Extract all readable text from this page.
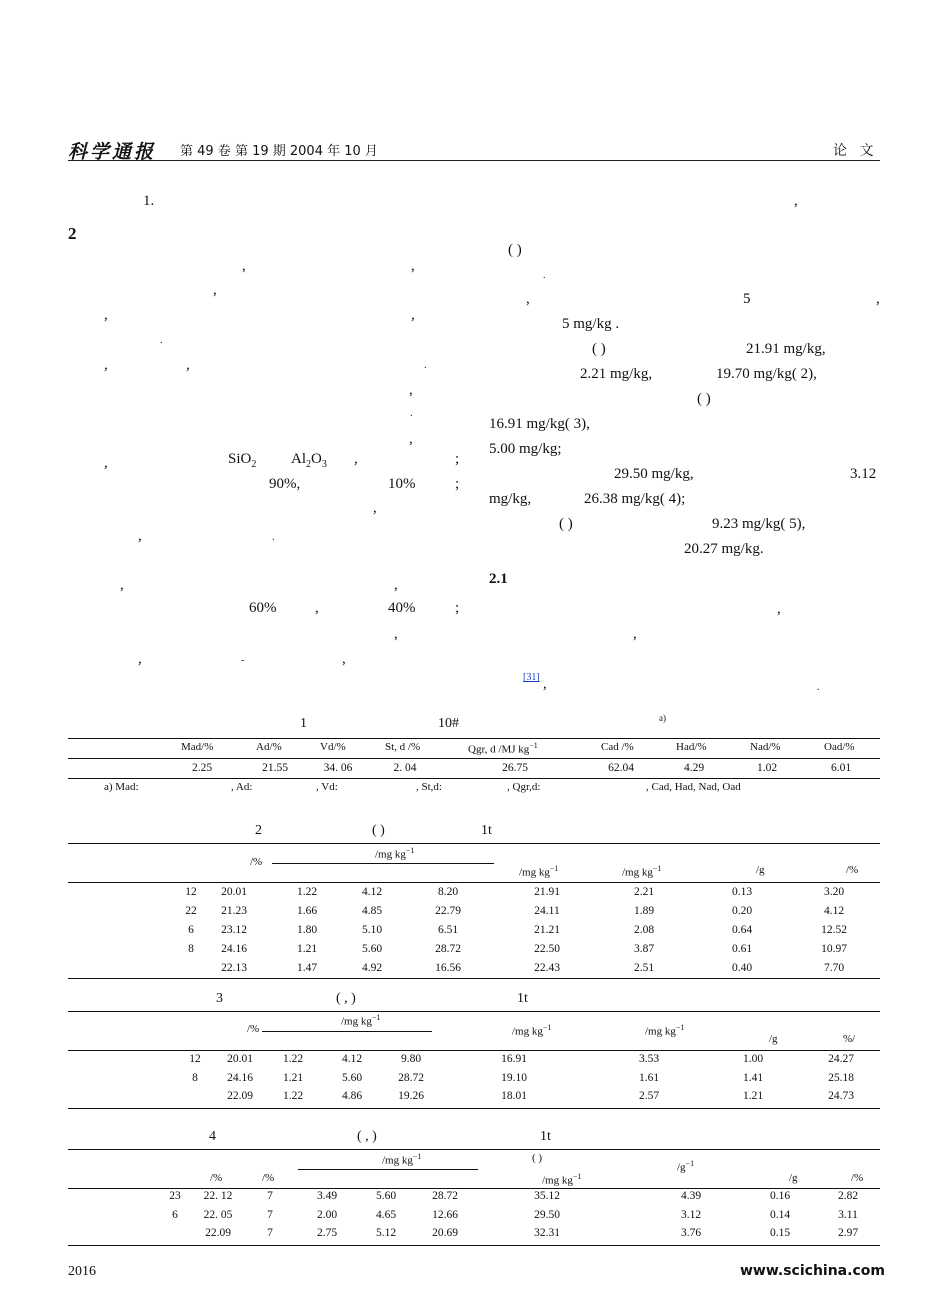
科学通报 第 49 卷 第 19 期 2004 年 10 月	论 文
1.	,
2
,	,
,
,	,
.
,	,	.
,
.
,
,	SiO$_2$ $Al_2O_3$ ,	;
90%,	10%	;
,
,	.
,	,
60%	,	40%	;
,
,	-	,
( )
.
,	5	,
5 mg/kg .
( )	21.91 mg/kg,
2.21 mg/kg,	19.70 mg/kg( 2),
( )
16.91 mg/kg( 3),
5.00 mg/kg;
29.50 mg/kg,	3.12
mg/kg,	26.38 mg/kg( 4);
( )	9.23 mg/kg( 5),
20.27 mg/kg.
2.1
,
,
[31] ,	.
1	10#	a)
Mad/%	Ad/%	Vd/%	St, d /%	Qgr, d /MJ $kg^{-1}$	Cad /%	Had/%	Nad/%	Oad/%
2.25	21.55	34. 06	2. 04	26.75	62.04	4.29	1.02	6.01
a) Mad:	, Ad:	, Vd:	, St,d:	, Qgr,d:	, Cad, Had, Nad, Oad
2	( )	1t
/mg $kg^{-1}$
/%
/mg $kg^{-1}$	/mg $kg^{-1}$	/g	/%
12	20.01	1.22	4.12	8.20	21.91	2.21	0.13	3.20
22	21.23	1.66	4.85	22.79	24.11	1.89	0.20	4.12
6	23.12	1.80	5.10	6.51	21.21	2.08	0.64	12.52
8	24.16	1.21	5.60	28.72	22.50	3.87	0.61	10.97
22.13	1.47	4.92	16.56	22.43	2.51	0.40	7.70
3	( , )	1t
/mg $kg^{-1}$
/%	/mg $kg^{-1}$	/mg $kg^{-1}$
/g	%/
12	20.01	1.22	4.12	9.80	16.91	3.53	1.00	24.27
8	24.16	1.21	5.60	28.72	19.10	1.61	1.41	25.18
22.09	1.22	4.86	19.26	18.01	2.57	1.21	24.73
4	( , )	1t
/mg $kg^{-1}$	( )
$/g^{-1}$
/%	/%	/mg $kg^{-1}$	/g	/%
23	22. 12	7	3.49	5.60	28.72	35.12	4.39	0.16	2.82
6	22. 05	7	2.00	4.65	12.66	29.50	3.12	0.14	3.11
22.09	7	2.75	5.12	20.69	32.31	3.76	0.15	2.97
2016	www.scichina.com
